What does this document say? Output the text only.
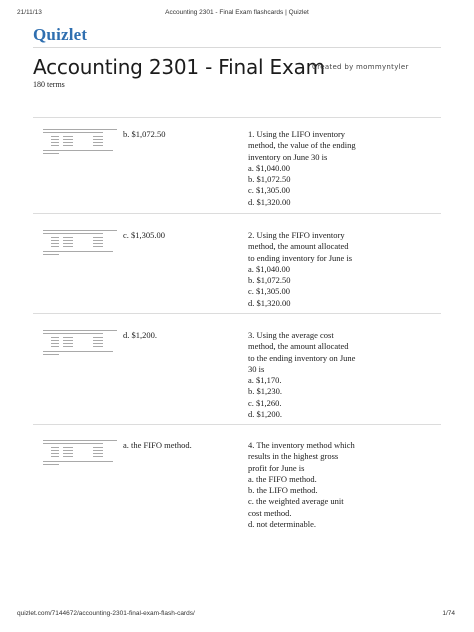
21/11/13	Accounting 2301 - Final Exam flashcards | Quizlet
Quizlet
Accounting 2301 - Final Exam
Created by mommyntyler
180 terms
b. $1,072.50	1. Using the LIFO inventory
method, the value of the ending
inventory on June 30 is
a. $1,040.00
b. $1,072.50
c. $1,305.00
d. $1,320.00
c. $1,305.00	2. Using the FIFO inventory
method, the amount allocated
to ending inventory for June is
a. $1,040.00
b. $1,072.50
c. $1,305.00
d. $1,320.00
d. $1,200.	3. Using the average cost
method, the amount allocated
to the ending inventory on June
30 is
a. $1,170.
b. $1,230.
c. $1,260.
d. $1,200.
a. the FIFO method.	4. The inventory method which
results in the highest gross
profit for June is
a. the FIFO method.
b. the LIFO method.
c. the weighted average unit
cost method.
d. not determinable.
quizlet.com/7144672/accounting-2301-final-exam-flash-cards/	1/74
